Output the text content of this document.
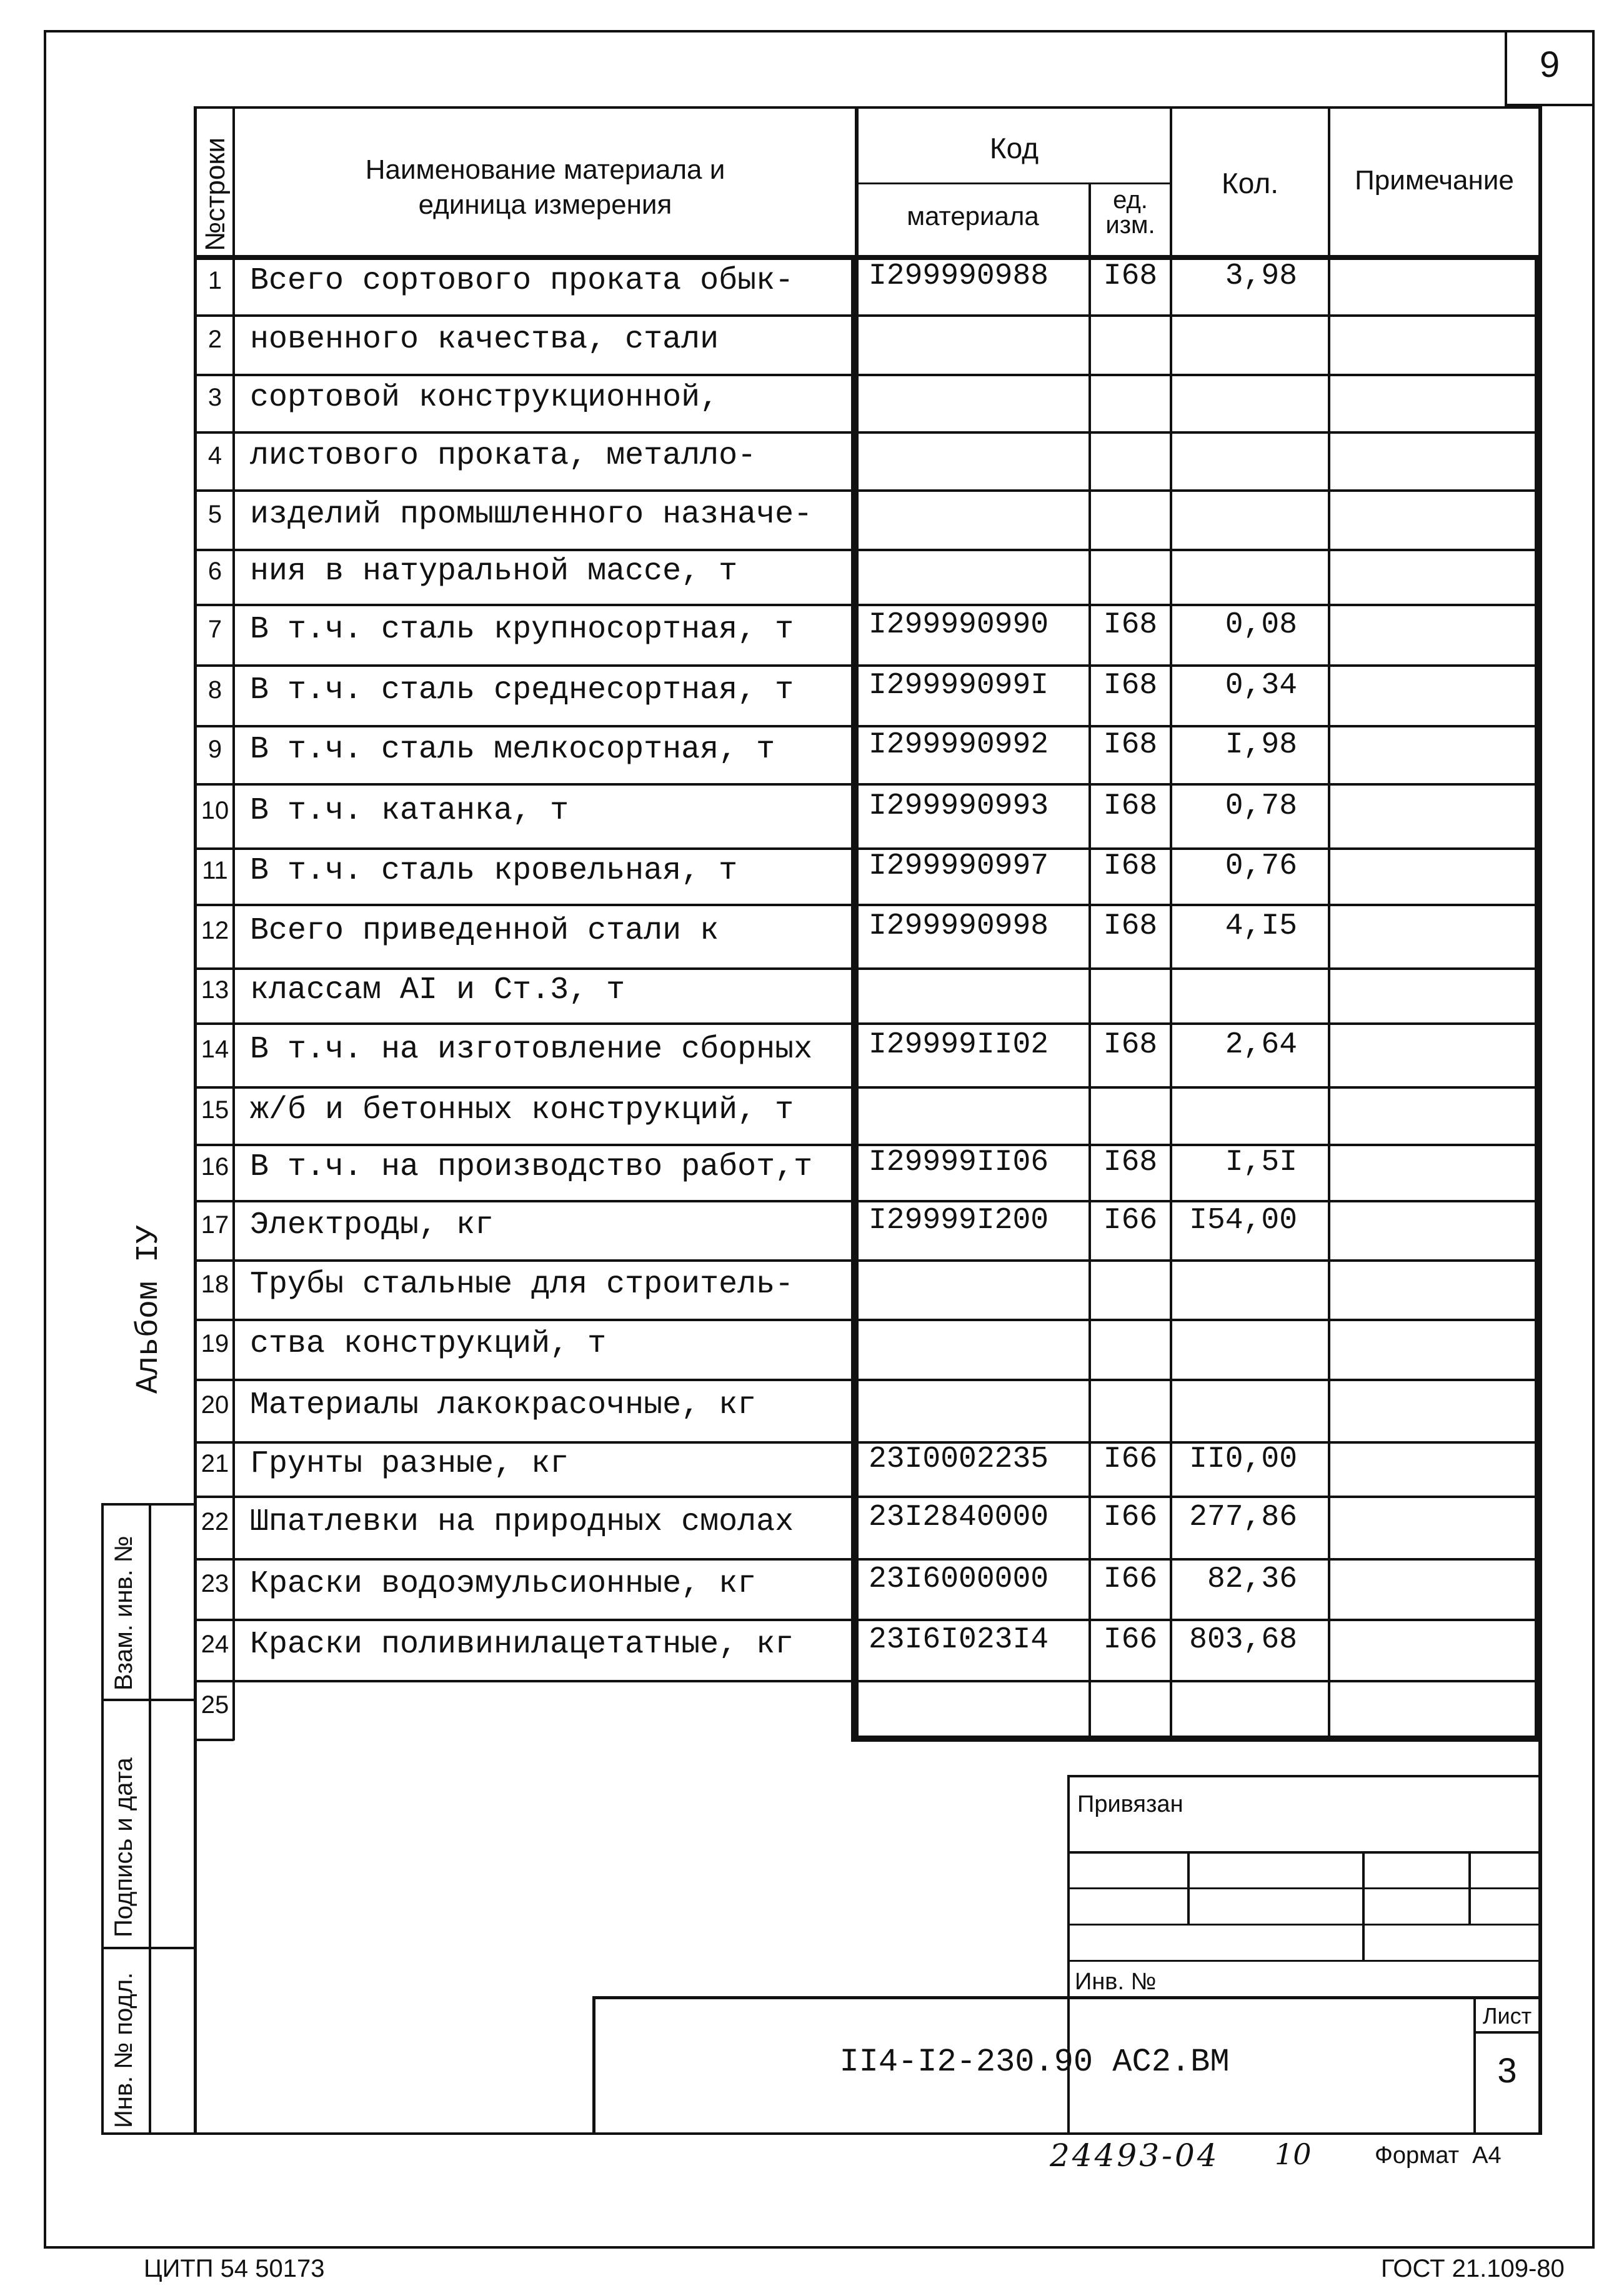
9
№строки	Наименование материала и единица измерения
Код
материала
ед.
изм.
Кол.	Примечание
1 Всего сортового проката обык- I299990988	I68	3,98
2 новенного качества, стали
3 сортовой конструкционной,
4 листового проката, металло-
5 изделий промышленного назначе-
6 ния в натуральной массе, т
7 В т.ч. сталь крупносортная, т I299990990	I68	0,08
8 В т.ч. сталь среднесортная, т I29999099I	I68	0,34
9 В т.ч. сталь мелкосортная, т	I299990992	I68	I,98
10 В т.ч. катанка, т	I299990993	I68	0,78
11 В т.ч. сталь кровельная, т	I299990997	I68	0,76
12 Всего приведенной стали к	I299990998	I68	4,I5
13 классам AI и Ст.3, т
14 В т.ч. на изготовление сборных I29999II02	I68	2,64
15 ж/б и бетонных конструкций, т
16 В т.ч. на производство работ,т I29999II06	I68	I,5I
17 Электроды, кг	I29999I200	I66	I54,00
18 Трубы стальные для строитель-
19 ства конструкций, т
20 Материалы лакокрасочные, кг
21 Грунты разные, кг	23I0002235	I66	II0,00
22 Шпатлевки на природных смолах 23I2840000	I66	277,86
23 Краски водоэмульсионные, кг	23I6000000	I66	82,36
24 Краски поливинилацетатные, кг 23I6I023I4	I66	803,68
25
Взам. инв. №
Подпись и дата
Инв. № подл.
Альбом IУ
Привязан
Инв. №
Лист
3
II4-I2-230.90 АС2.ВМ
24493-04 10	Формат  А4
ЦИТП 54 50173	ГОСТ 21.109-80
